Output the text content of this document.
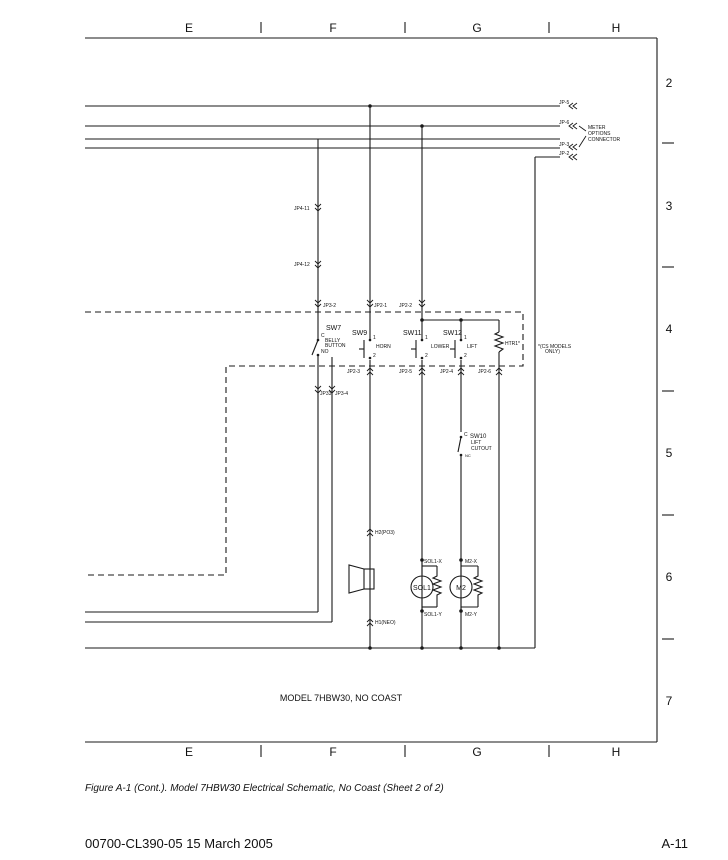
E	F	G	H
E	F	G	H
2
3
4
5
6
7
JP-5
JP-6
JP-3
JP-2
METER
OPTIONS
CONNECTOR
JP4-11
JP4-12
JP3-2	JP2-1 JP2-2
JP2-3	JP2-5	JP2-4	JP2-6
JP33 JP3-4
H2(PO3)
H1(NEO)
SW7
C
BELLY
BUTTON
NO
SW9
1
HORN
2
SW11
1
LOWER
2
SW12
1
LIFT
2
HTR1*	*(CS MODELS
ONLY)
C SW10
LIFT
CUTOUT
NC
SOL1
SOL1-X
SOL1-Y
M2
M2-X
M2-Y
MODEL 7HBW30, NO COAST
Figure A-1 (Cont.). Model 7HBW30 Electrical Schematic, No Coast (Sheet 2 of 2)
00700-CL390-05 15 March 2005	A-11
